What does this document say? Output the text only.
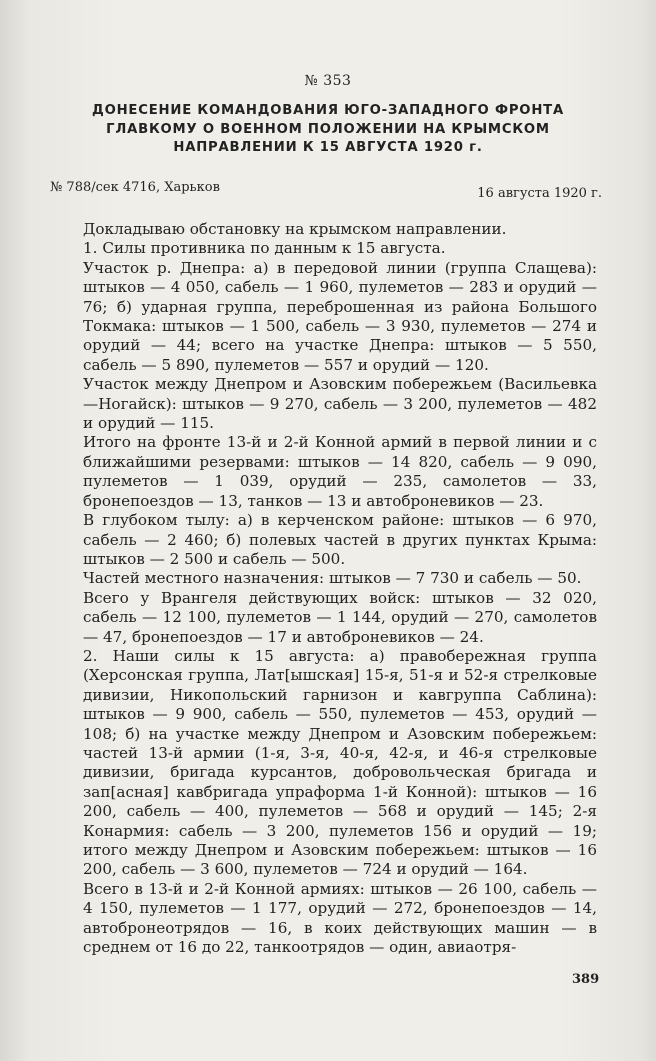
№ 353
ДОНЕСЕНИЕ КОМАНДОВАНИЯ ЮГО-ЗАПАДНОГО ФРОНТА
ГЛАВКОМУ О ВОЕННОМ ПОЛОЖЕНИИ НА КРЫМСКОМ
НАПРАВЛЕНИИ К 15 АВГУСТА 1920 г.
№ 788/сек 4716, Харьков	16 августа 1920 г.

Докладываю обстановку на крымском направлении.

1. Силы противника по данным к 15 августа.

Участок р. Днепра: а) в передовой линии (группа Слащева): штыков — 4 050, сабель — 1 960, пулеметов — 283 и орудий — 76; б) ударная группа, переброшенная из района Большого Токмака: штыков — 1 500, сабель — 3 930, пулеметов — 274 и орудий — 44; всего на участке Днепра: штыков — 5 550, сабель — 5 890, пулеметов — 557 и орудий — 120.

Участок между Днепром и Азовским побережьем (Васильевка—Ногайск): штыков — 9 270, сабель — 3 200, пулеметов — 482 и орудий — 115.

Итого на фронте 13-й и 2-й Конной армий в первой линии и с ближайшими резервами: штыков — 14 820, сабель — 9 090, пулеметов — 1 039, орудий — 235, самолетов — 33, бронепоездов — 13, танков — 13 и автоброневиков — 23.

В глубоком тылу: а) в керченском районе: штыков — 6 970, сабель — 2 460; б) полевых частей в других пунктах Крыма: штыков — 2 500 и сабель — 500.

Частей местного назначения: штыков — 7 730 и сабель — 50.

Всего у Врангеля действующих войск: штыков — 32 020, сабель — 12 100, пулеметов — 1 144, орудий — 270, самолетов — 47, бронепоездов — 17 и автоброневиков — 24.

2. Наши силы к 15 августа: а) правобережная группа (Херсонская группа, Лат[ышская] 15-я, 51-я и 52-я стрелковые дивизии, Никопольский гарнизон и кавгруппа Саблина): штыков — 9 900, сабель — 550, пулеметов — 453, орудий — 108; б) на участке между Днепром и Азовским побережьем: частей 13-й армии (1-я, 3-я, 40-я, 42-я, и 46-я стрелковые дивизии, бригада курсантов, добровольческая бригада и зап[асная] кавбригада упраформа 1-й Конной): штыков — 16 200, сабель — 400, пулеметов — 568 и орудий — 145; 2-я Конармия: сабель — 3 200, пулеметов 156 и орудий — 19; итого между Днепром и Азовским побережьем: штыков — 16 200, сабель — 3 600, пулеметов — 724 и орудий — 164.

Всего в 13-й и 2-й Конной армиях: штыков — 26 100, сабель — 4 150, пулеметов — 1 177, орудий — 272, бронепоездов — 14, автобронеотрядов — 16, в коих действующих машин — в среднем от 16 до 22, танкоотрядов — один, авиаотря-

389
